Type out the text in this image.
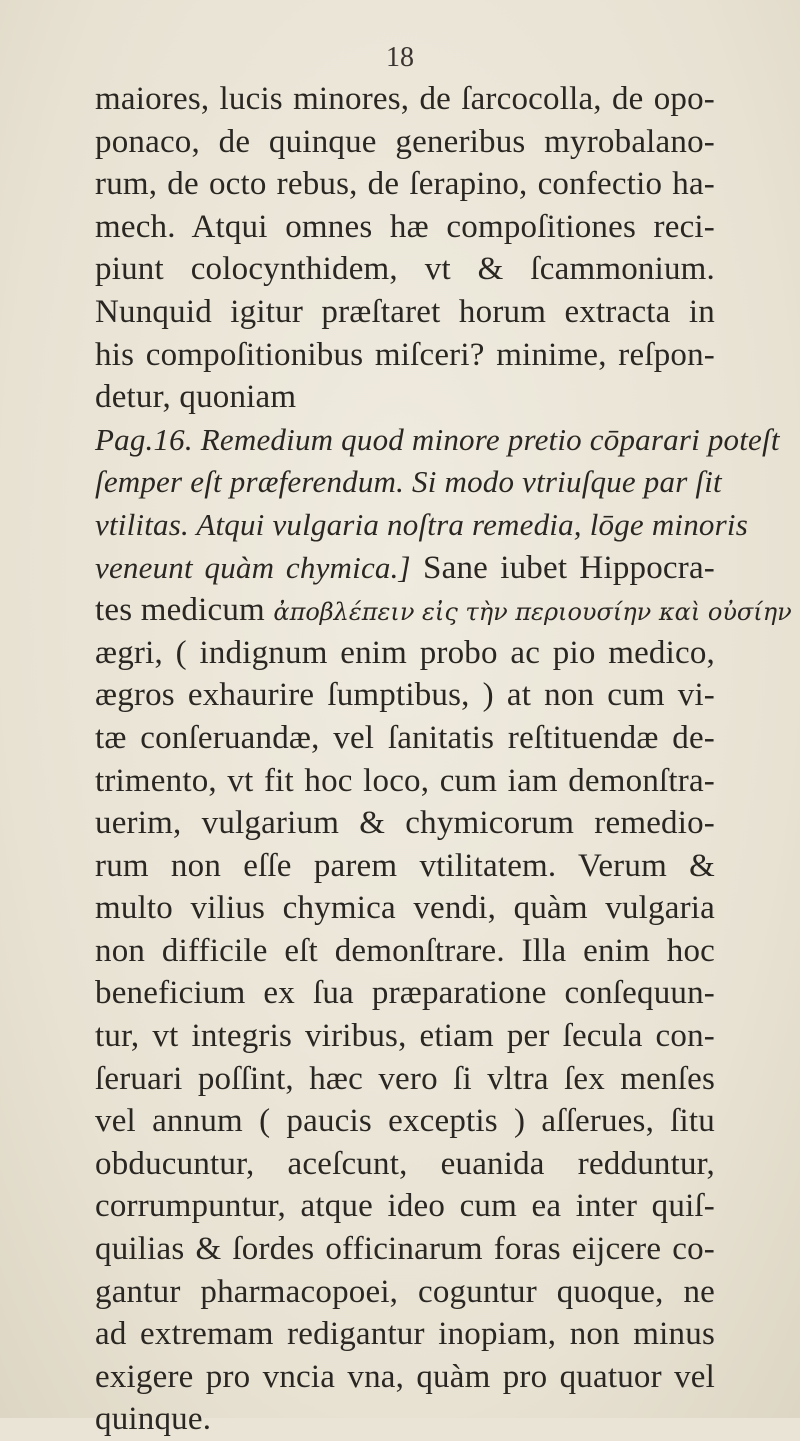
18
maiores, lucis minores, de ſarcocolla, de opo-
ponaco, de quinque generibus myrobalano-
rum, de octo rebus, de ſerapino, confectio ha-
mech. Atqui omnes hæ compoſitiones reci-
piunt colocynthidem, vt & ſcammonium.
Nunquid igitur præſtaret horum extracta in
his compoſitionibus miſceri? minime, reſpon-
detur, quoniam
Pag.16. Remedium quod minore pretio cōparari poteſt
ſemper eſt præferendum. Si modo vtriuſque par ſit
vtilitas. Atqui vulgaria noſtra remedia, lōge minoris
veneunt quàm chymica.] Sane iubet Hippocra-
tes medicum ἀποβλέπειν εἰς τὴν περιουσίην καὶ οὐσίην
ægri, ( indignum enim probo ac pio medico,
ægros exhaurire ſumptibus, ) at non cum vi-
tæ conſeruandæ, vel ſanitatis reſtituendæ de-
trimento, vt fit hoc loco, cum iam demonſtra-
uerim, vulgarium & chymicorum remedio-
rum non eſſe parem vtilitatem. Verum &
multo vilius chymica vendi, quàm vulgaria
non difficile eſt demonſtrare. Illa enim hoc
beneficium ex ſua præparatione conſequun-
tur, vt integris viribus, etiam per ſecula con-
ſeruari poſſint, hæc vero ſi vltra ſex menſes
vel annum ( paucis exceptis ) aſſerues, ſitu
obducuntur, aceſcunt, euanida redduntur,
corrumpuntur, atque ideo cum ea inter quiſ-
quilias & ſordes officinarum foras eijcere co-
gantur pharmacopoei, coguntur quoque, ne
ad extremam redigantur inopiam, non minus
exigere pro vncia vna, quàm pro quatuor vel
quinque.
